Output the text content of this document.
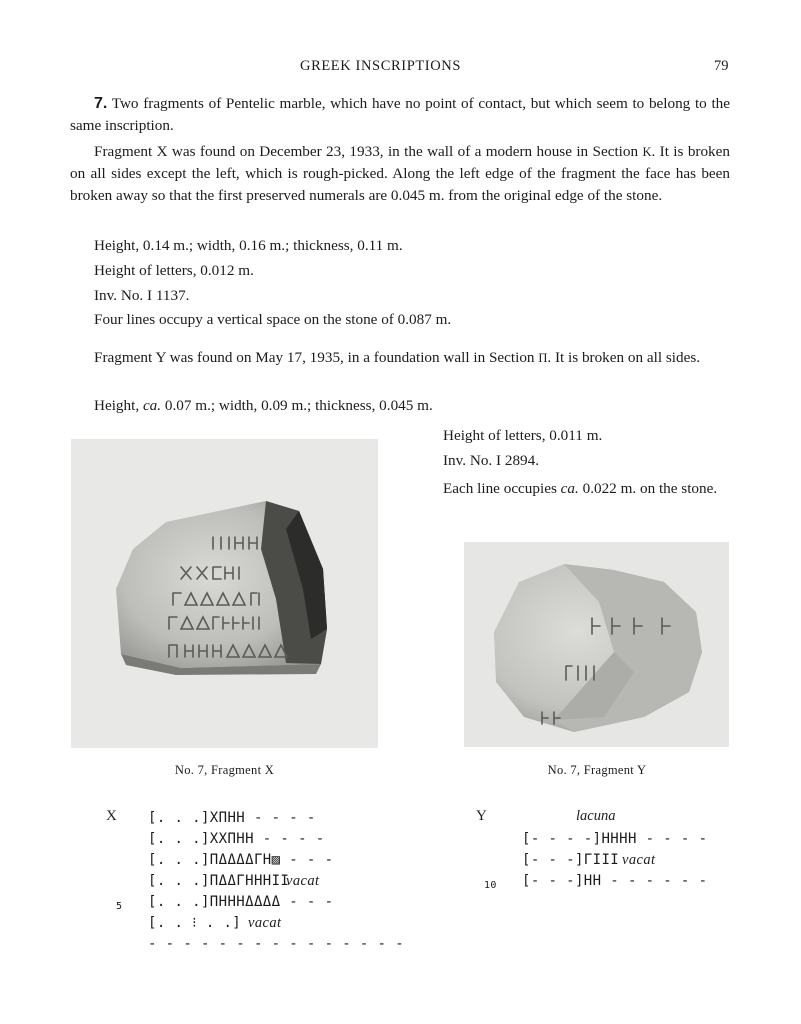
GREEK INSCRIPTIONS	79
7. Two fragments of Pentelic marble, which have no point of contact, but which seem to belong to the same inscription.
Fragment X was found on December 23, 1933, in the wall of a modern house in Section K. It is broken on all sides except the left, which is rough-picked. Along the left edge of the fragment the face has been broken away so that the first preserved numerals are 0.045 m. from the original edge of the stone.
Height, 0.14 m.; width, 0.16 m.; thickness, 0.11 m.
Height of letters, 0.012 m.
Inv. No. I 1137.
Four lines occupy a vertical space on the stone of 0.087 m.
Fragment Y was found on May 17, 1935, in a foundation wall in Section Π. It is broken on all sides.
Height, ca. 0.07 m.; width, 0.09 m.; thickness, 0.045 m.
Height of letters, 0.011 m.
Inv. No. I 2894.
Each line occupies ca. 0.022 m. on the stone.
No. 7, Fragment X	No. 7, Fragment Y
X [. . .]ΧΠΗΗ - - - -
[. . .]ΧΧΠΗΗ - - - -
[. . .]ΠΔΔΔΔΓΗ▨ - - -
[. . .]ΠΔΔΓΗΗΗΙΙ
vacat
5 [. . .]ΠΗΗΗΔΔΔΔ - - -
[. . ⁝ . .] vacat
- - - - - - - - - - - - - - -
Y	lacuna
[- - - -]ΗΗΗΗ - - - -
[- - -]ΓΙΙΙ vacat
10 [- - -]ΗΗ - - - - - -
